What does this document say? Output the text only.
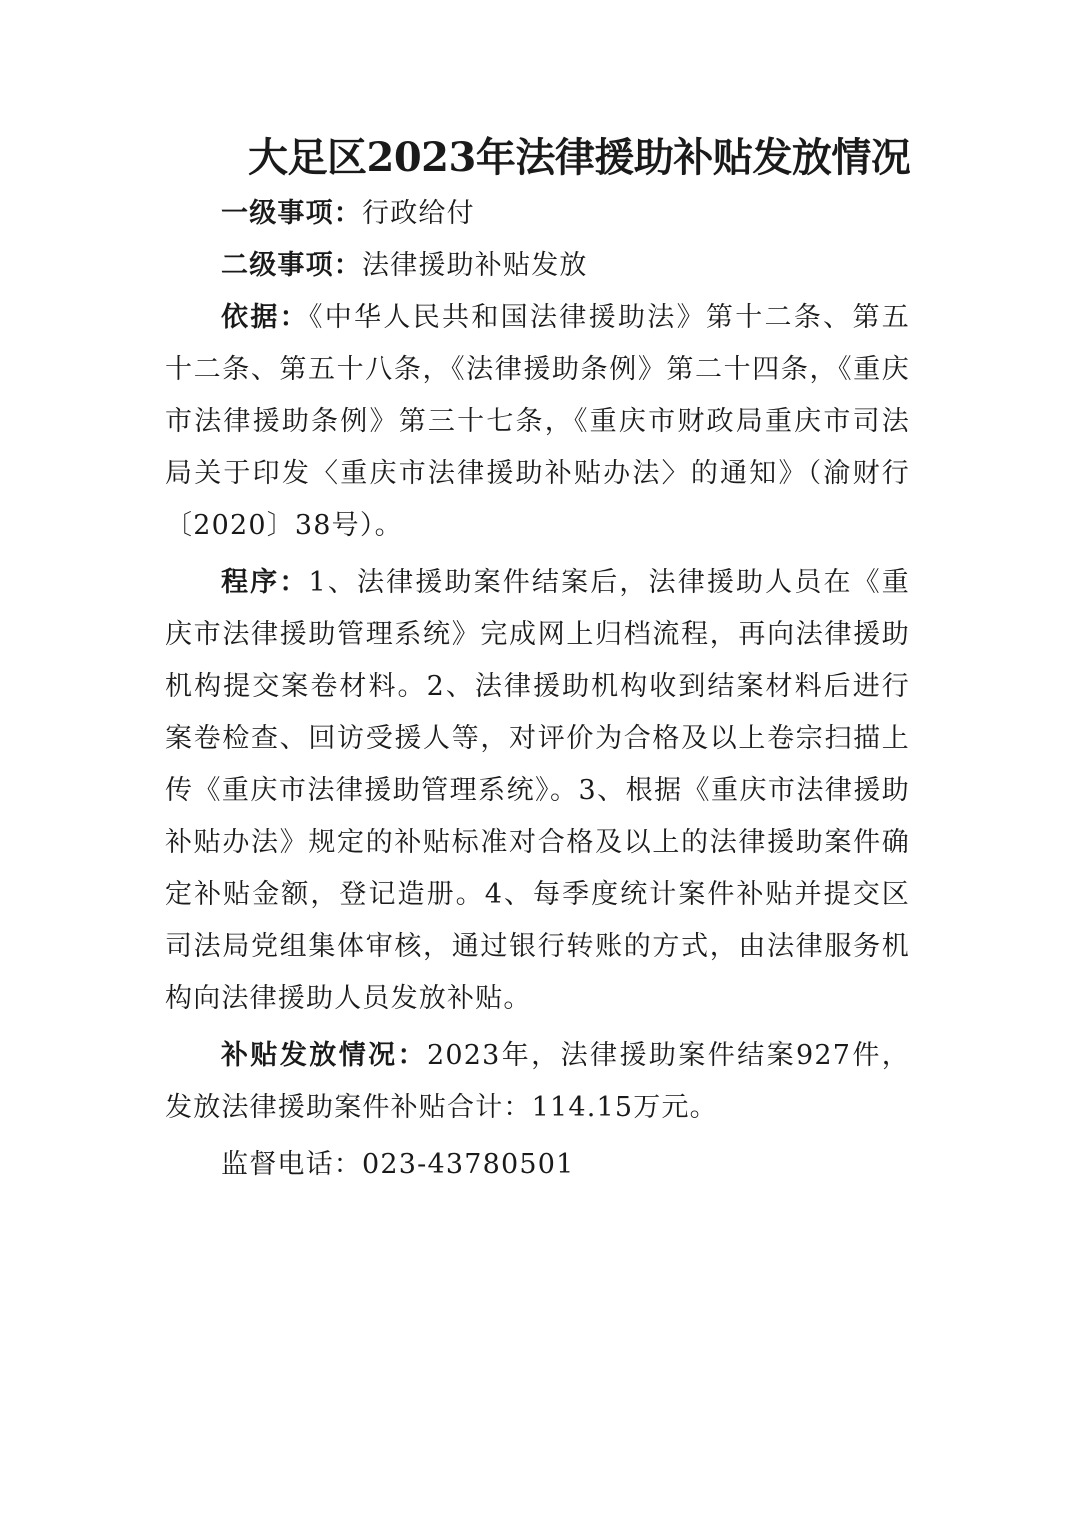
大足区2023年法律援助补贴发放情况

一级事项：行政给付

二级事项：法律援助补贴发放

依据：《中华人民共和国法律援助法》第十二条、第五十二条、第五十八条，《法律援助条例》第二十四条，《重庆市法律援助条例》第三十七条，《重庆市财政局重庆市司法局关于印发〈重庆市法律援助补贴办法〉的通知》（渝财行〔2020〕38号）。

程序：1、法律援助案件结案后，法律援助人员在《重庆市法律援助管理系统》完成网上归档流程，再向法律援助机构提交案卷材料。2、法律援助机构收到结案材料后进行案卷检查、回访受援人等，对评价为合格及以上卷宗扫描上传《重庆市法律援助管理系统》。3、根据《重庆市法律援助补贴办法》规定的补贴标准对合格及以上的法律援助案件确定补贴金额，登记造册。4、每季度统计案件补贴并提交区司法局党组集体审核，通过银行转账的方式，由法律服务机构向法律援助人员发放补贴。

补贴发放情况：2023年，法律援助案件结案927件，发放法律援助案件补贴合计：114.15万元。

监督电话：023-43780501
